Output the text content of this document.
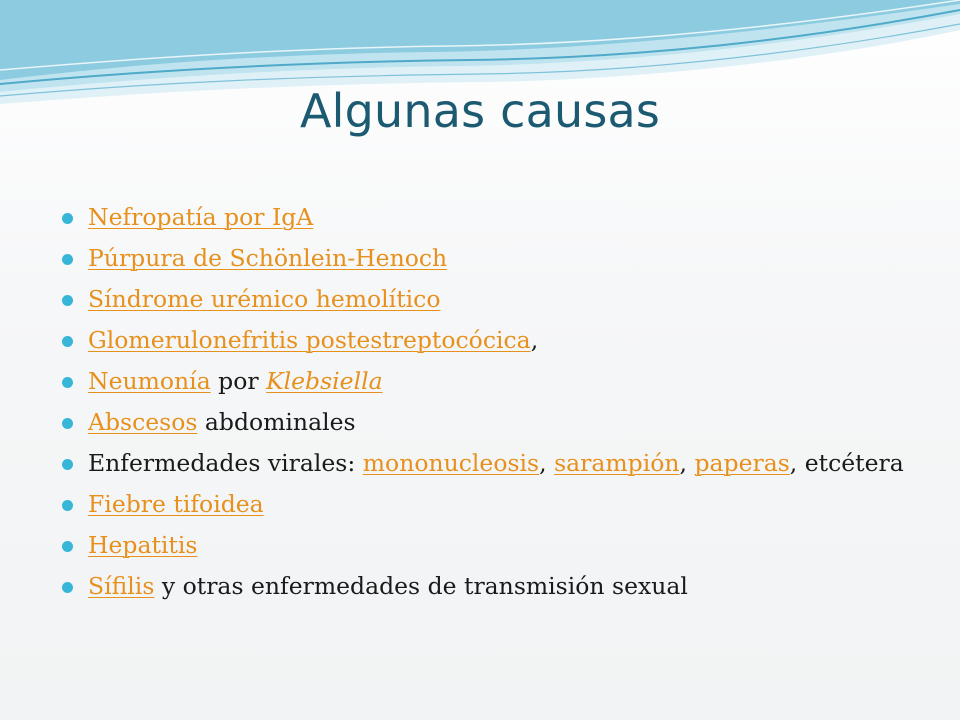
Algunas causas
Nefropatía por IgA
Púrpura de Schönlein-Henoch
Síndrome urémico hemolítico
Glomerulonefritis postestreptocócica,
Neumonía por Klebsiella
Abscesos abdominales
Enfermedades virales: mononucleosis, sarampión, paperas, etcétera
Fiebre tifoidea
Hepatitis
Sífilis y otras enfermedades de transmisión sexual
